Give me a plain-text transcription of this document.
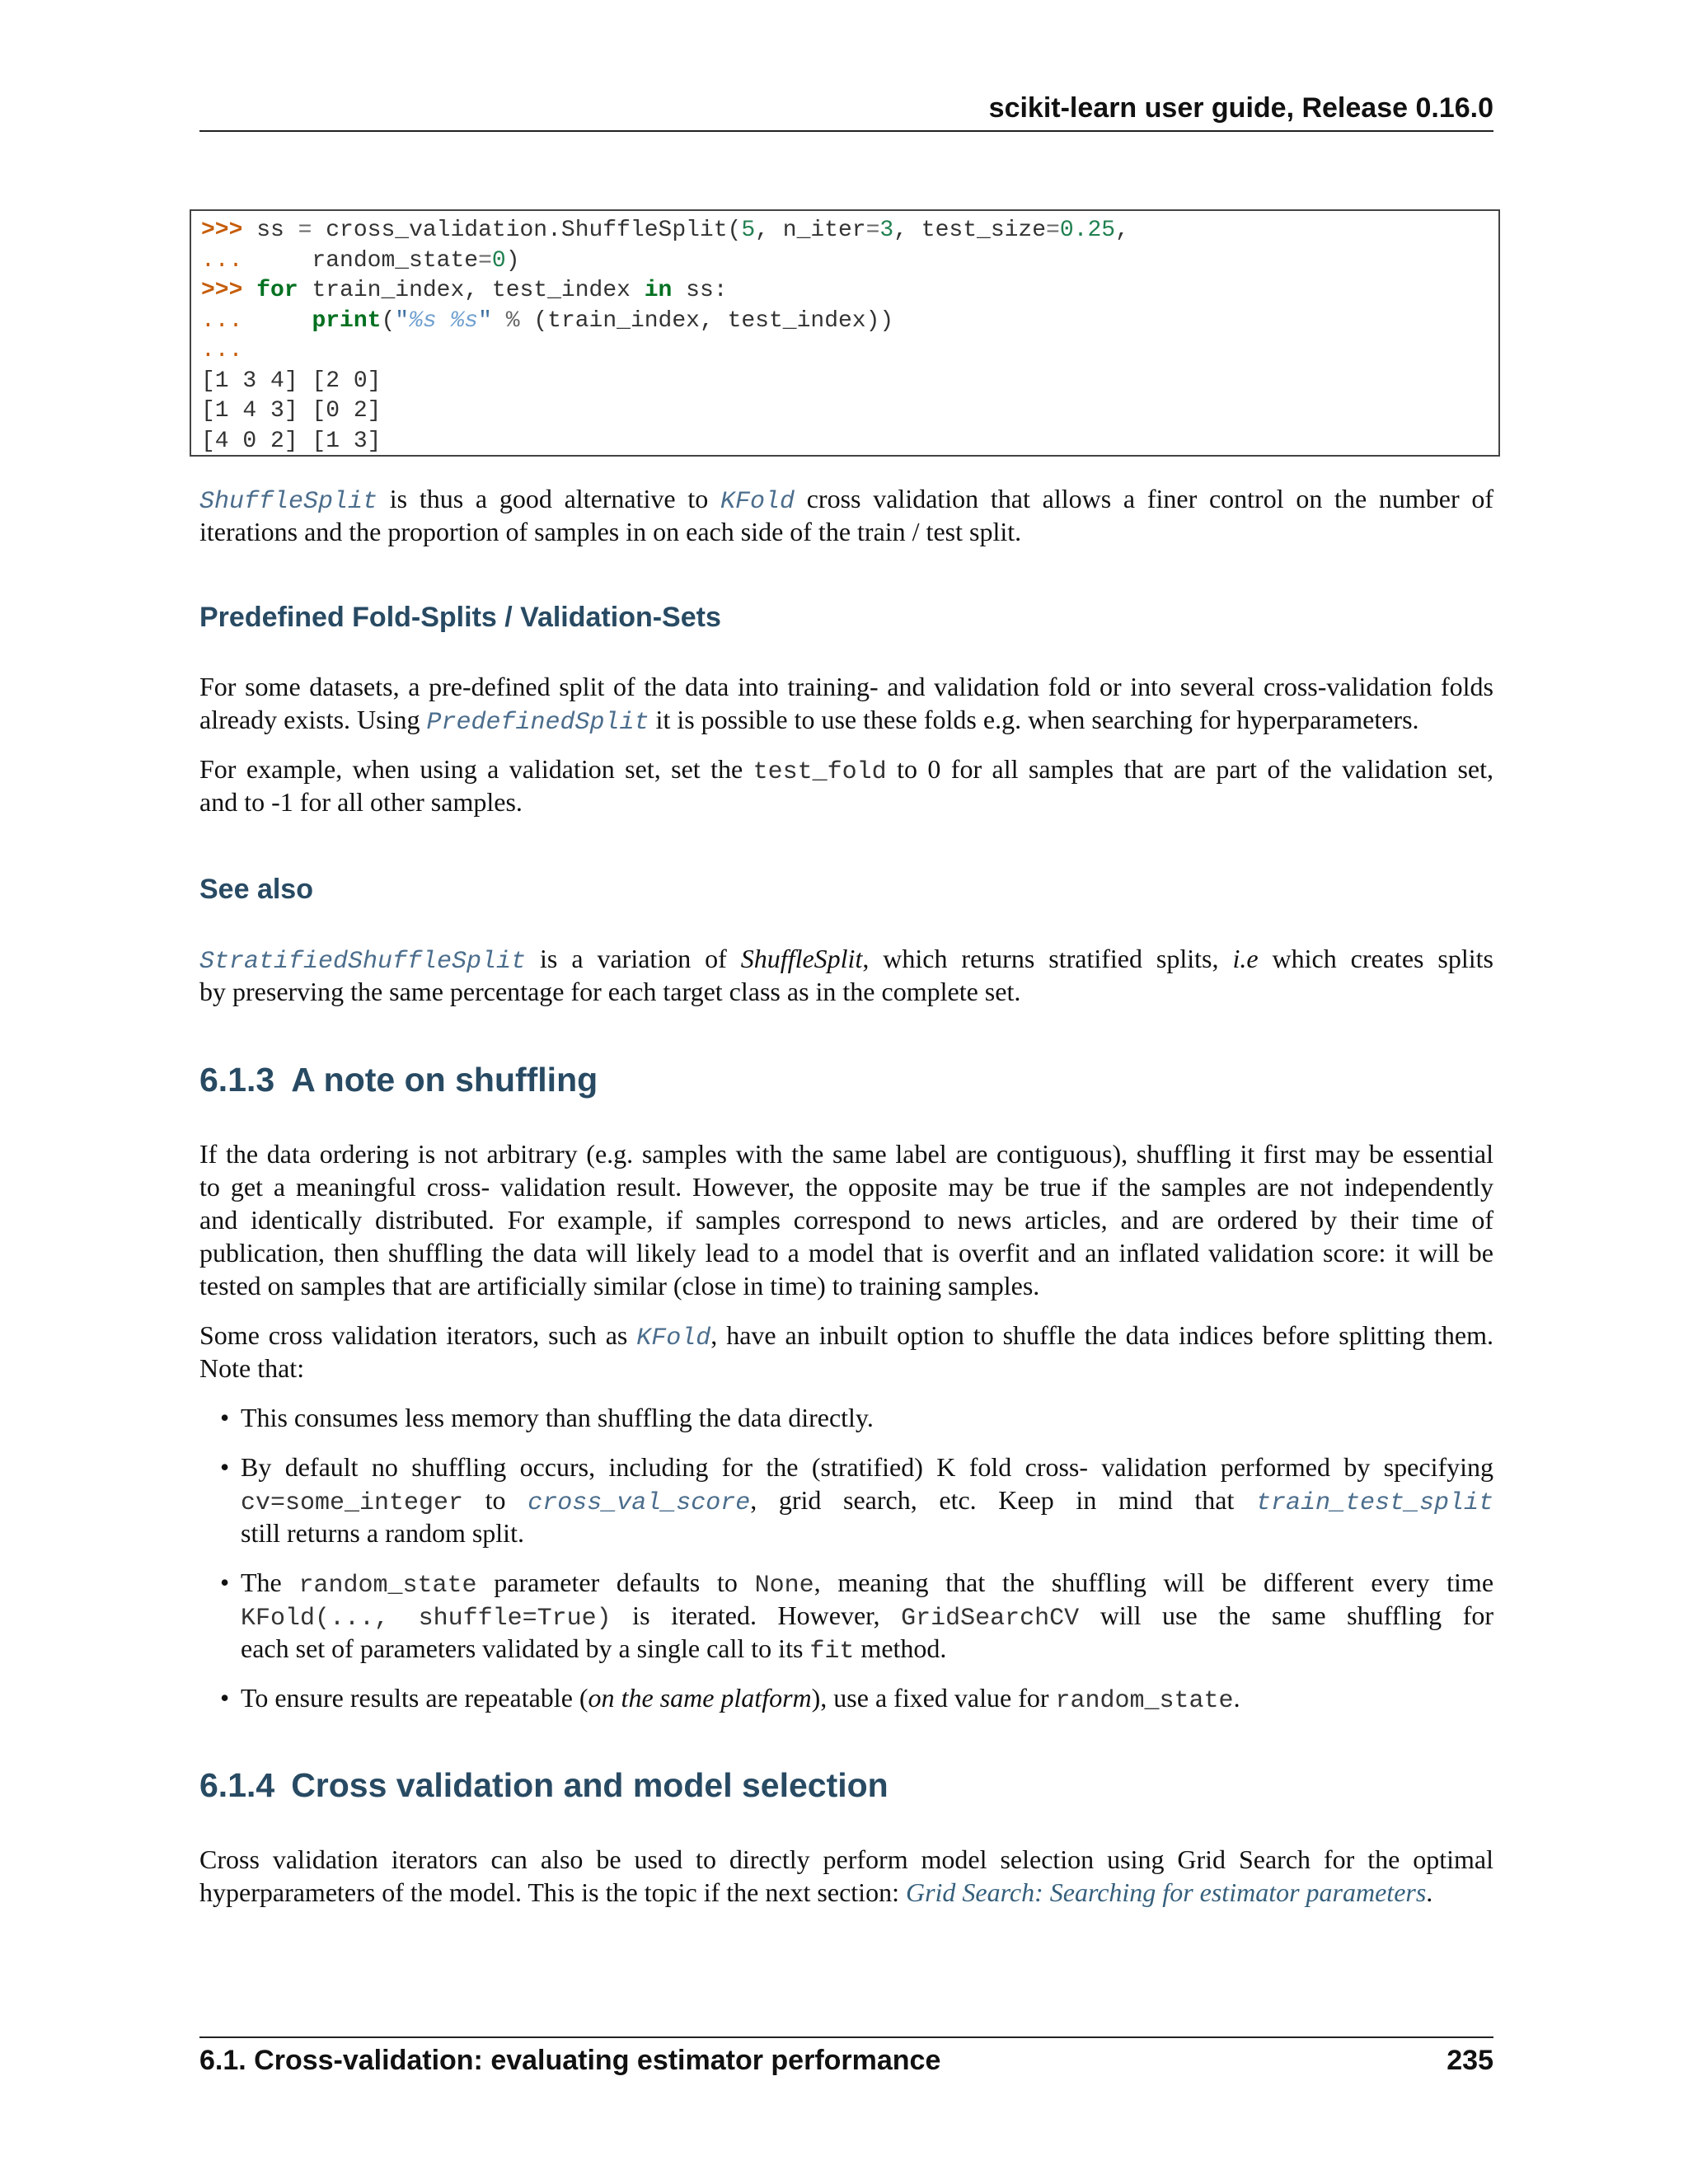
scikit-learn user guide, Release 0.16.0
>>> ss = cross_validation.ShuffleSplit(5, n_iter=3, test_size=0.25,
...     random_state=0)
>>> for train_index, test_index in ss:
...	print("%s %s" % (train_index, test_index))
...
[1 3 4] [2 0]
[1 4 3] [0 2]
[4 0 2] [1 3]
ShuffleSplit is thus a good alternative to KFold cross validation that allows a finer control on the number of
iterations and the proportion of samples in on each side of the train / test split.
Predefined Fold-Splits / Validation-Sets
For some datasets, a pre-defined split of the data into training- and validation fold or into several cross-validation folds
already exists. Using PredefinedSplit it is possible to use these folds e.g. when searching for hyperparameters.
For example, when using a validation set, set the test_fold to 0 for all samples that are part of the validation set,
and to -1 for all other samples.
See also
StratifiedShuffleSplit is a variation of ShuffleSplit, which returns stratified splits, i.e which creates splits
by preserving the same percentage for each target class as in the complete set.
6.1.3 A note on shuffling
If the data ordering is not arbitrary (e.g. samples with the same label are contiguous), shuffling it first may be essential
to get a meaningful cross- validation result. However, the opposite may be true if the samples are not independently
and identically distributed. For example, if samples correspond to news articles, and are ordered by their time of
publication, then shuffling the data will likely lead to a model that is overfit and an inflated validation score: it will be
tested on samples that are artificially similar (close in time) to training samples.
Some cross validation iterators, such as KFold, have an inbuilt option to shuffle the data indices before splitting them.
Note that:
• This consumes less memory than shuffling the data directly.
• By default no shuffling occurs, including for the (stratified) K fold cross- validation performed by specifying
cv=some_integer to cross_val_score, grid search, etc. Keep in mind that train_test_split
still returns a random split.
• The random_state parameter defaults to None, meaning that the shuffling will be different every time
KFold(..., shuffle=True) is iterated. However, GridSearchCV will use the same shuffling for
each set of parameters validated by a single call to its fit method.
• To ensure results are repeatable (on the same platform), use a fixed value for random_state.
6.1.4 Cross validation and model selection
Cross validation iterators can also be used to directly perform model selection using Grid Search for the optimal
hyperparameters of the model. This is the topic if the next section: Grid Search: Searching for estimator parameters.
6.1. Cross-validation: evaluating estimator performance	235
